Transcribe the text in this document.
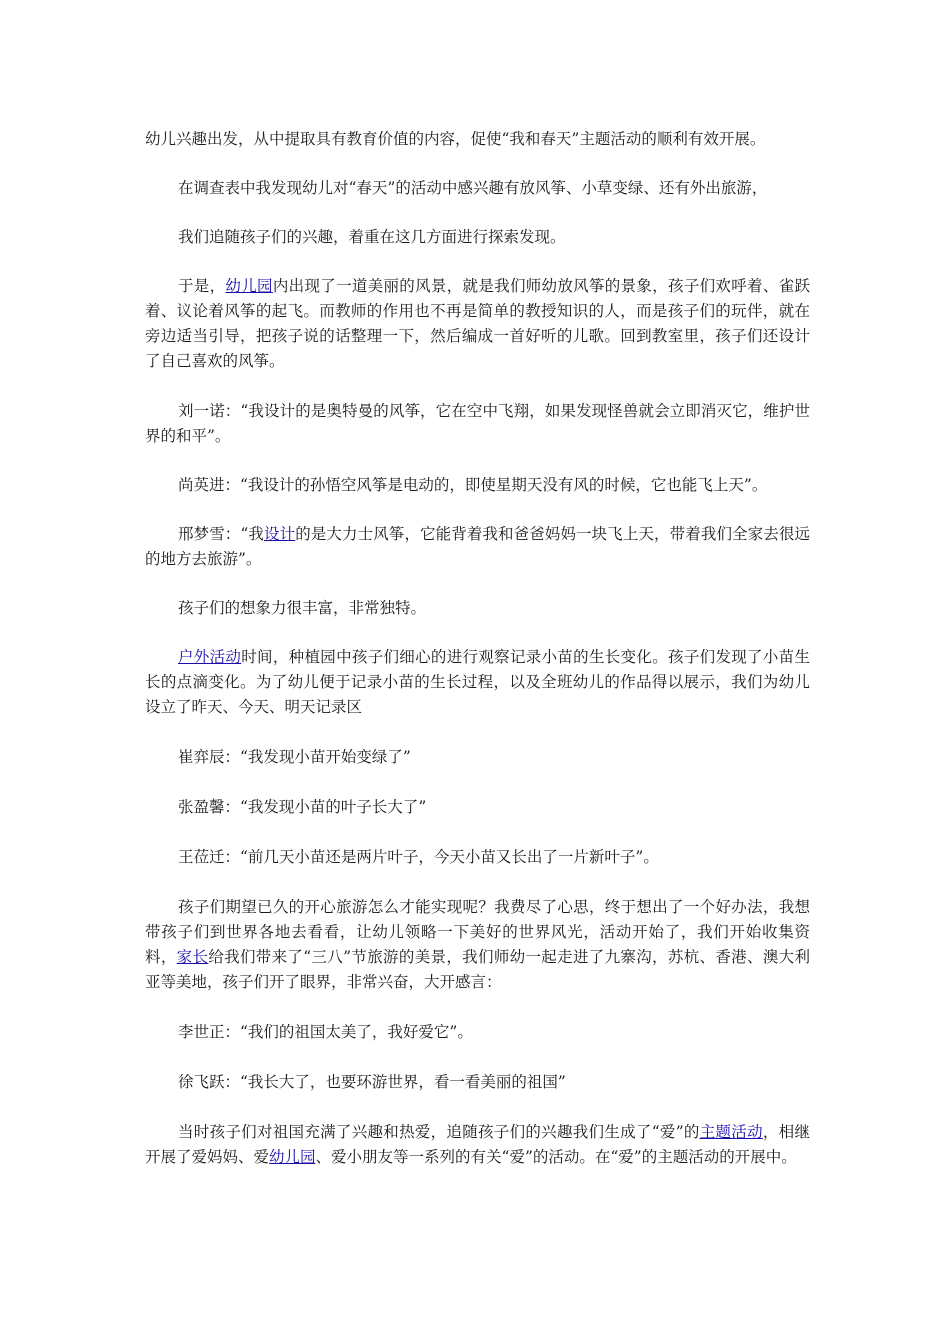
幼儿兴趣出发，从中提取具有教育价值的内容，促使“我和春天”主题活动的顺利有效开展。

在调查表中我发现幼儿对“春天”的活动中感兴趣有放风筝、小草变绿、还有外出旅游，

我们追随孩子们的兴趣，着重在这几方面进行探索发现。

于是，幼儿园内出现了一道美丽的风景，就是我们师幼放风筝的景象，孩子们欢呼着、雀跃着、议论着风筝的起飞。而教师的作用也不再是简单的教授知识的人，而是孩子们的玩伴，就在旁边适当引导，把孩子说的话整理一下，然后编成一首好听的儿歌。回到教室里，孩子们还设计了自己喜欢的风筝。

刘一诺：“我设计的是奥特曼的风筝，它在空中飞翔，如果发现怪兽就会立即消灭它，维护世界的和平”。

尚英进：“我设计的孙悟空风筝是电动的，即使星期天没有风的时候，它也能飞上天”。

邢梦雪：“我设计的是大力士风筝，它能背着我和爸爸妈妈一块飞上天，带着我们全家去很远的地方去旅游”。

孩子们的想象力很丰富，非常独特。

户外活动时间，种植园中孩子们细心的进行观察记录小苗的生长变化。孩子们发现了小苗生长的点滴变化。为了幼儿便于记录小苗的生长过程，以及全班幼儿的作品得以展示，我们为幼儿设立了昨天、今天、明天记录区

崔弈辰：“我发现小苗开始变绿了”

张盈馨：“我发现小苗的叶子长大了”

王莅迁：“前几天小苗还是两片叶子，今天小苗又长出了一片新叶子”。

孩子们期望已久的开心旅游怎么才能实现呢？我费尽了心思，终于想出了一个好办法，我想带孩子们到世界各地去看看，让幼儿领略一下美好的世界风光，活动开始了，我们开始收集资料，家长给我们带来了“三八”节旅游的美景，我们师幼一起走进了九寨沟，苏杭、香港、澳大利亚等美地，孩子们开了眼界，非常兴奋，大开感言：

李世正：“我们的祖国太美了，我好爱它”。

徐飞跃：“我长大了，也要环游世界，看一看美丽的祖国”

当时孩子们对祖国充满了兴趣和热爱，追随孩子们的兴趣我们生成了“爱”的主题活动，相继开展了爱妈妈、爱幼儿园、爱小朋友等一系列的有关“爱”的活动。在“爱”的主题活动的开展中。
